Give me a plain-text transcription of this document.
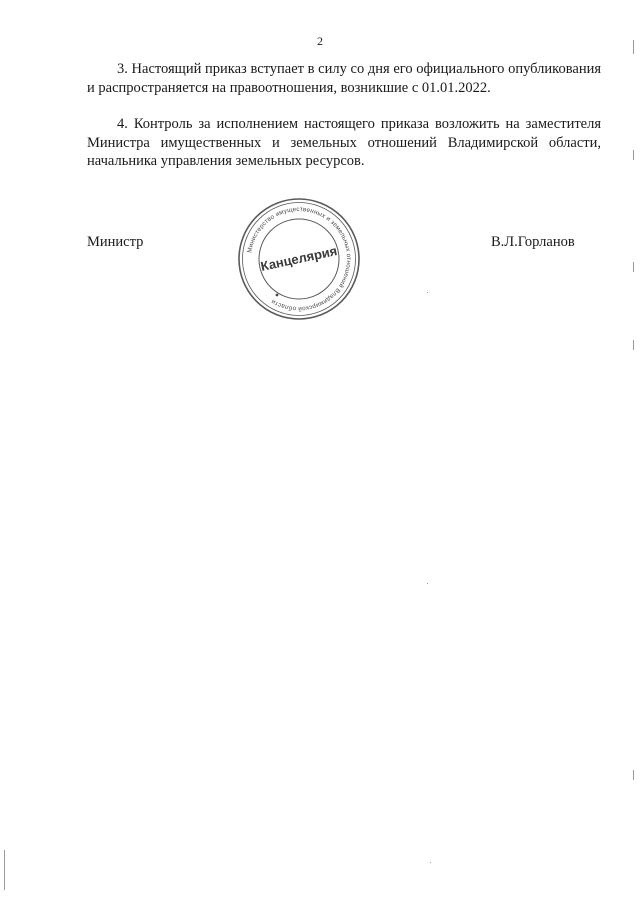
2
3. Настоящий приказ вступает в силу со дня его официального опубликования и распространяется на правоотношения, возникшие с 01.01.2022.
4. Контроль за исполнением настоящего приказа возложить на заместителя Министра имущественных и земельных отношений Владимирской области, начальника управления земельных ресурсов.
Министр
Министерство имущественных и земельных отношений Владимирской области
Канцелярия
В.Л.Горланов
